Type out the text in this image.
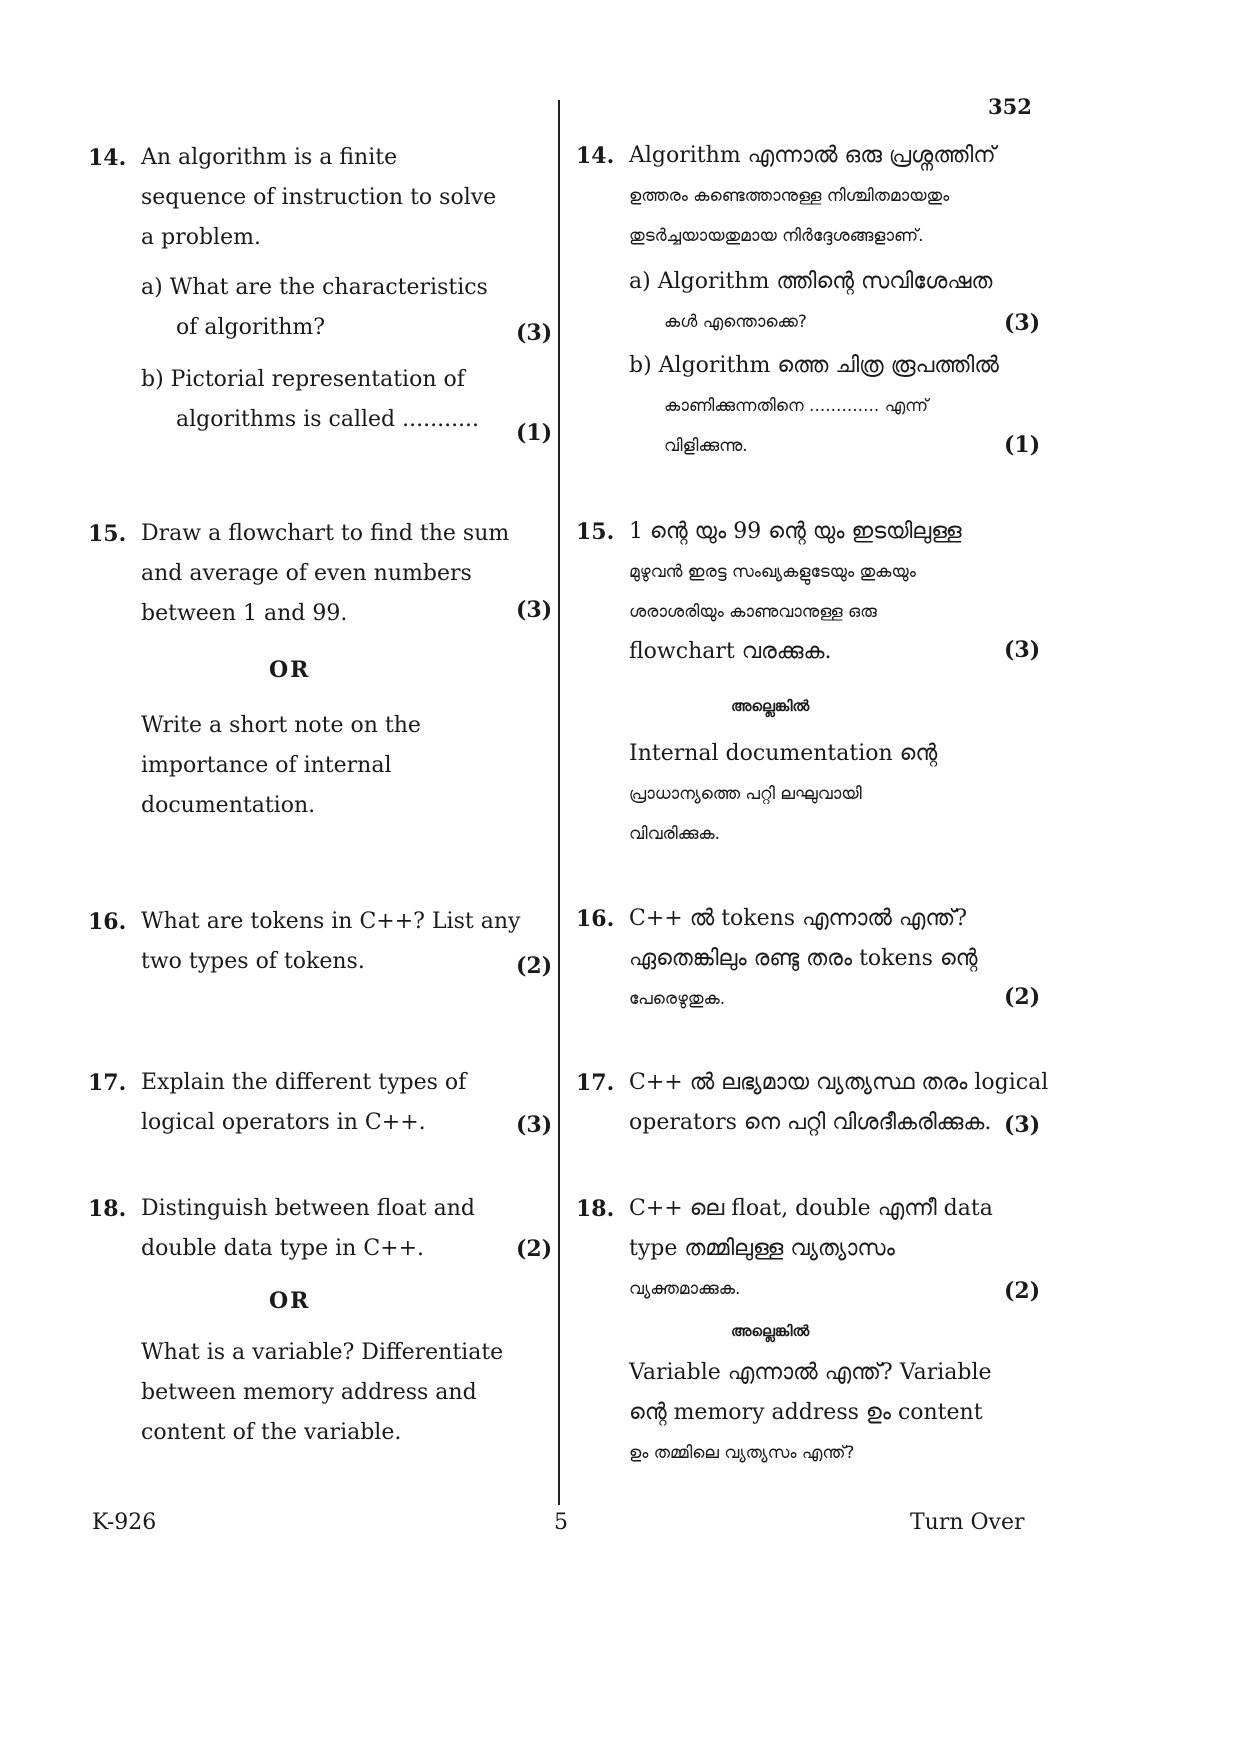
352
14. An algorithm is a finite
sequence of instruction to solve
a problem.
a) What are the characteristics
of algorithm?
b) Pictorial representation of
algorithms is called ...........
(3)
(1)
15. Draw a flowchart to find the sum
and average of even numbers
between 1 and 99.
OR
Write a short note on the
importance of internal
documentation.
(3)
16. What are tokens in C++? List any
two types of tokens.	(2)
17. Explain the different types of
logical operators in C++.	(3)
18. Distinguish between float and
double data type in C++.
OR
What is a variable? Differentiate
between memory address and
content of the variable.
(2)
14. Algorithm എന്നാൽ ഒരു പ്രശ്നത്തിന്
ഉത്തരം കണ്ടെത്താനുള്ള നിശ്ചിതമായതും
തുടർച്ചയായതുമായ നിർദ്ദേശങ്ങളാണ്.
a) Algorithm ത്തിന്റെ സവിശേഷത
കൾ എന്തൊക്കെ?
b) Algorithm ത്തെ ചിത്ര രൂപത്തിൽ
കാണിക്കുന്നതിനെ ............. എന്ന്
വിളിക്കുന്നു.
(3)
(1)
15. 1 ന്റെ യും 99 ന്റെ യും ഇടയിലുള്ള
മുഴുവൻ ഇരട്ട സംഖ്യകളുടേയും തുകയും
ശരാശരിയും കാണുവാനുള്ള ഒരു
flowchart വരക്കുക.
അല്ലെങ്കിൽ
Internal documentation ന്റെ
പ്രാധാന്യത്തെ പറ്റി ലഘുവായി
വിവരിക്കുക.
(3)
16. C++ ൽ tokens എന്നാൽ എന്ത്?
ഏതെങ്കിലും രണ്ടു തരം tokens ന്റെ
പേരെഴുതുക.	(2)
17. C++ ൽ ലഭ്യമായ വ്യത്യസ്ഥ തരം logical
operators നെ പറ്റി വിശദീകരിക്കുക. (3)
18. C++ ലെ float, double എന്നീ data
type തമ്മിലുള്ള വ്യത്യാസം
വ്യക്തമാക്കുക.
അല്ലെങ്കിൽ
Variable എന്നാൽ എന്ത്? Variable
ന്റെ memory address ഉം content
ഉം തമ്മിലെ വ്യത്യസം എന്ത്?
(2)
K-926	5	Turn Over
